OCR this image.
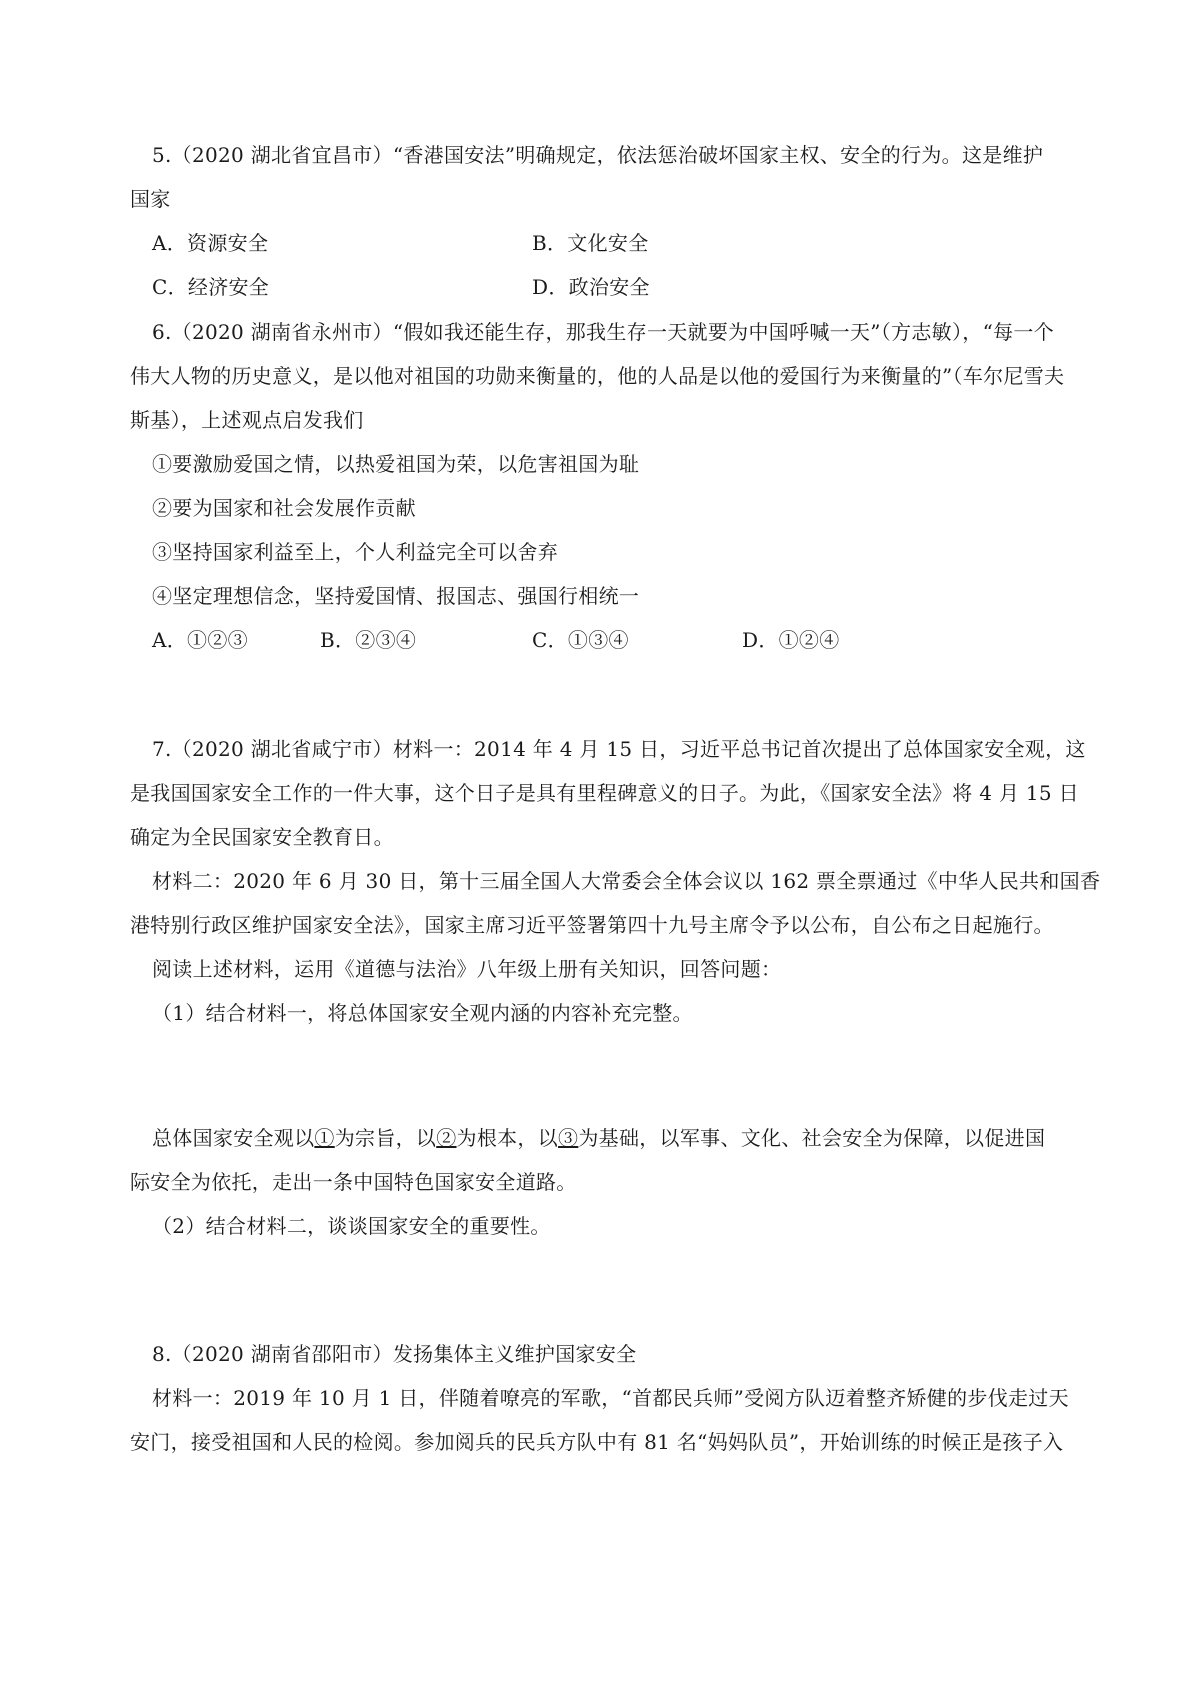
5.（2020 湖北省宜昌市）“香港国安法”明确规定，依法惩治破坏国家主权、安全的行为。这是维护
国家
A．资源安全	B．文化安全
C．经济安全	D．政治安全
6.（2020 湖南省永州市）“假如我还能生存，那我生存一天就要为中国呼喊一天”（方志敏），“每一个
伟大人物的历史意义，是以他对祖国的功勋来衡量的，他的人品是以他的爱国行为来衡量的”（车尔尼雪夫
斯基），上述观点启发我们
①要激励爱国之情，以热爱祖国为荣，以危害祖国为耻
②要为国家和社会发展作贡献
③坚持国家利益至上，个人利益完全可以舍弃
④坚定理想信念，坚持爱国情、报国志、强国行相统一
A．①②③	B．②③④	C．①③④	D．①②④
7.（2020 湖北省咸宁市）材料一：2014 年 4 月 15 日，习近平总书记首次提出了总体国家安全观，这
是我国国家安全工作的一件大事，这个日子是具有里程碑意义的日子。为此，《国家安全法》将 4 月 15 日
确定为全民国家安全教育日。
材料二：2020 年 6 月 30 日，第十三届全国人大常委会全体会议以 162 票全票通过《中华人民共和国香
港特别行政区维护国家安全法》，国家主席习近平签署第四十九号主席令予以公布，自公布之日起施行。
阅读上述材料，运用《道德与法治》八年级上册有关知识，回答问题：
（1）结合材料一，将总体国家安全观内涵的内容补充完整。
总体国家安全观以①为宗旨，以②为根本，以③为基础，以军事、文化、社会安全为保障，以促进国
际安全为依托，走出一条中国特色国家安全道路。
（2）结合材料二，谈谈国家安全的重要性。
8.（2020 湖南省邵阳市）发扬集体主义维护国家安全
材料一：2019 年 10 月 1 日，伴随着嘹亮的军歌，“首都民兵师”受阅方队迈着整齐矫健的步伐走过天
安门，接受祖国和人民的检阅。参加阅兵的民兵方队中有 81 名“妈妈队员”，开始训练的时候正是孩子入
